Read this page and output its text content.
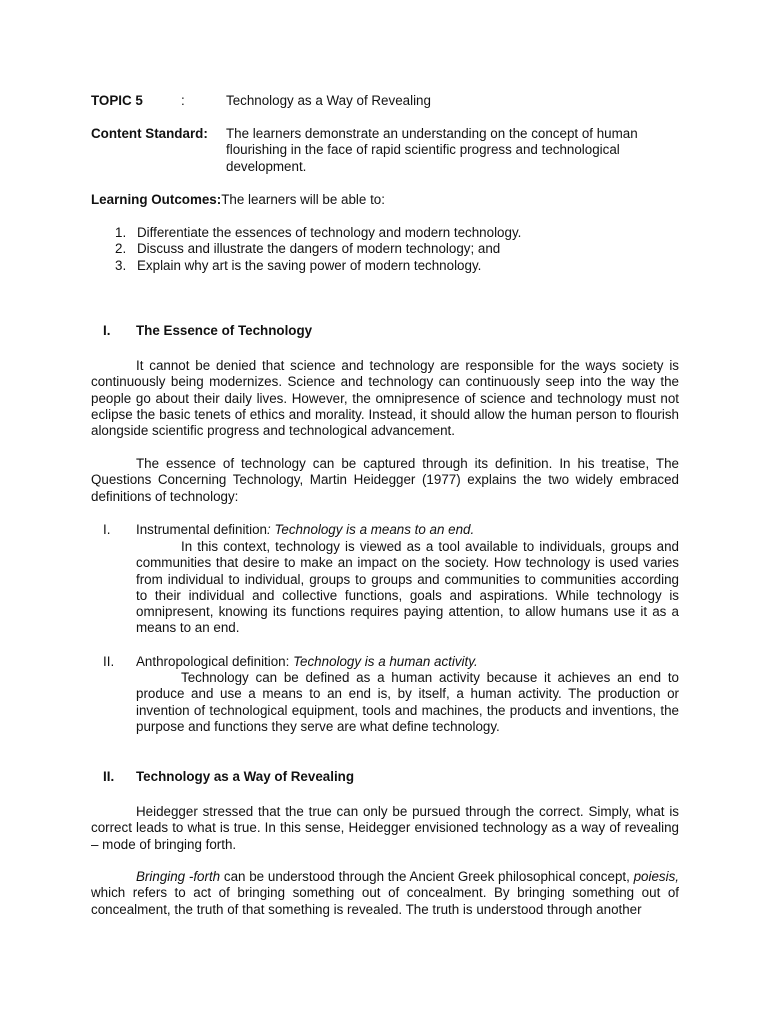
TOPIC 5	:	Technology as a Way of Revealing
Content Standard: The learners demonstrate an understanding on the concept of human flourishing in the face of rapid scientific progress and technological development.
Learning Outcomes:The learners will be able to:
1. Differentiate the essences of technology and modern technology.
2. Discuss and illustrate the dangers of modern technology; and
3. Explain why art is the saving power of modern technology.
I. The Essence of Technology

It cannot be denied that science and technology are responsible for the ways society is continuously being modernizes. Science and technology can continuously seep into the way the people go about their daily lives. However, the omnipresence of science and technology must not eclipse the basic tenets of ethics and morality. Instead, it should allow the human person to flourish alongside scientific progress and technological advancement.

The essence of technology can be captured through its definition. In his treatise, The Questions Concerning Technology, Martin Heidegger (1977) explains the two widely embraced definitions of technology:

I. Instrumental definition: Technology is a means to an end.

In this context, technology is viewed as a tool available to individuals, groups and communities that desire to make an impact on the society. How technology is used varies from individual to individual, groups to groups and communities to communities according to their individual and collective functions, goals and aspirations. While technology is omnipresent, knowing its functions requires paying attention, to allow humans use it as a means to an end.

II. Anthropological definition: Technology is a human activity.

Technology can be defined as a human activity because it achieves an end to produce and use a means to an end is, by itself, a human activity. The production or invention of technological equipment, tools and machines, the products and inventions, the purpose and functions they serve are what define technology.

II. Technology as a Way of Revealing

Heidegger stressed that the true can only be pursued through the correct. Simply, what is correct leads to what is true. In this sense, Heidegger envisioned technology as a way of revealing – mode of bringing forth.

Bringing -forth can be understood through the Ancient Greek philosophical concept, poiesis, which refers to act of bringing something out of concealment. By bringing something out of concealment, the truth of that something is revealed. The truth is understood through another
